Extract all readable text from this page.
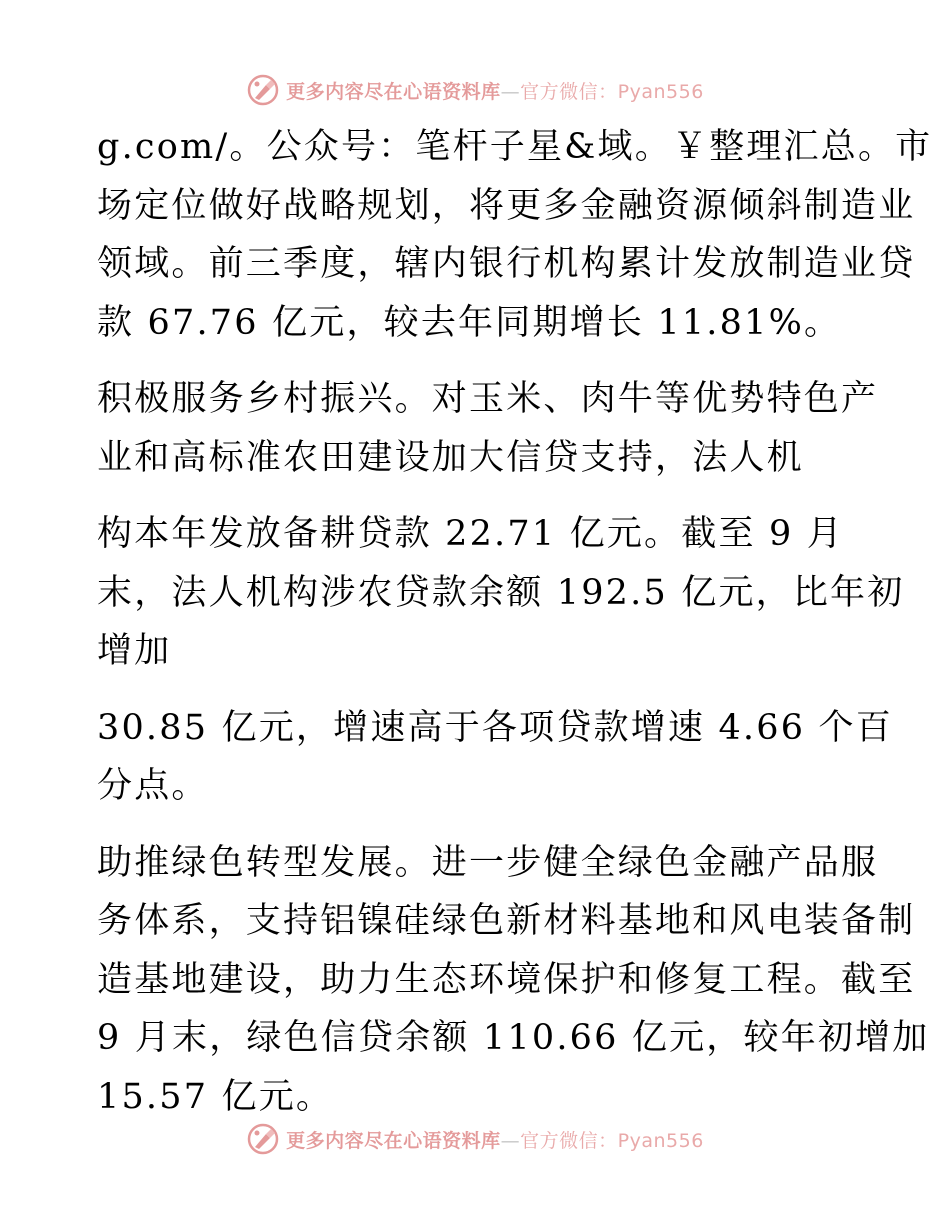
更多内容尽在心语资料库—官方微信：Pyan556

g.com/。公众号：笔杆子星&域。￥整理汇总。市

场定位做好战略规划，将更多金融资源倾斜制造业

领域。前三季度，辖内银行机构累计发放制造业贷

款 67.76 亿元，较去年同期增长 11.81%。

积极服务乡村振兴。对玉米、肉牛等优势特色产

业和高标准农田建设加大信贷支持，法人机

构本年发放备耕贷款 22.71 亿元。截至 9 月

末，法人机构涉农贷款余额 192.5 亿元，比年初

增加

30.85 亿元，增速高于各项贷款增速 4.66 个百

分点。

助推绿色转型发展。进一步健全绿色金融产品服

务体系，支持铝镍硅绿色新材料基地和风电装备制

造基地建设，助力生态环境保护和修复工程。截至

9 月末，绿色信贷余额 110.66 亿元，较年初增加

15.57 亿元。

更多内容尽在心语资料库—官方微信：Pyan556
